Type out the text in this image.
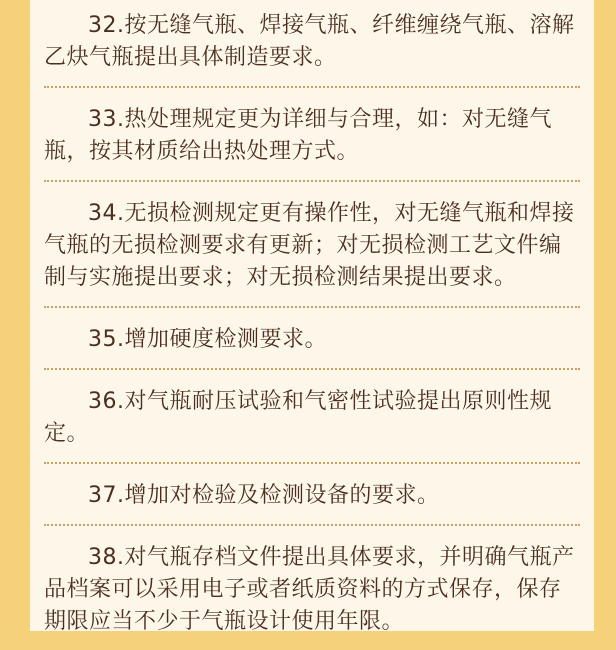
32.按无缝气瓶、焊接气瓶、纤维缠绕气瓶、溶解乙炔气瓶提出具体制造要求。

33.热处理规定更为详细与合理，如：对无缝气瓶，按其材质给出热处理方式。

34.无损检测规定更有操作性，对无缝气瓶和焊接气瓶的无损检测要求有更新；对无损检测工艺文件编制与实施提出要求；对无损检测结果提出要求。

35.增加硬度检测要求。

36.对气瓶耐压试验和气密性试验提出原则性规定。

37.增加对检验及检测设备的要求。

38.对气瓶存档文件提出具体要求，并明确气瓶产品档案可以采用电子或者纸质资料的方式保存，保存期限应当不少于气瓶设计使用年限。
